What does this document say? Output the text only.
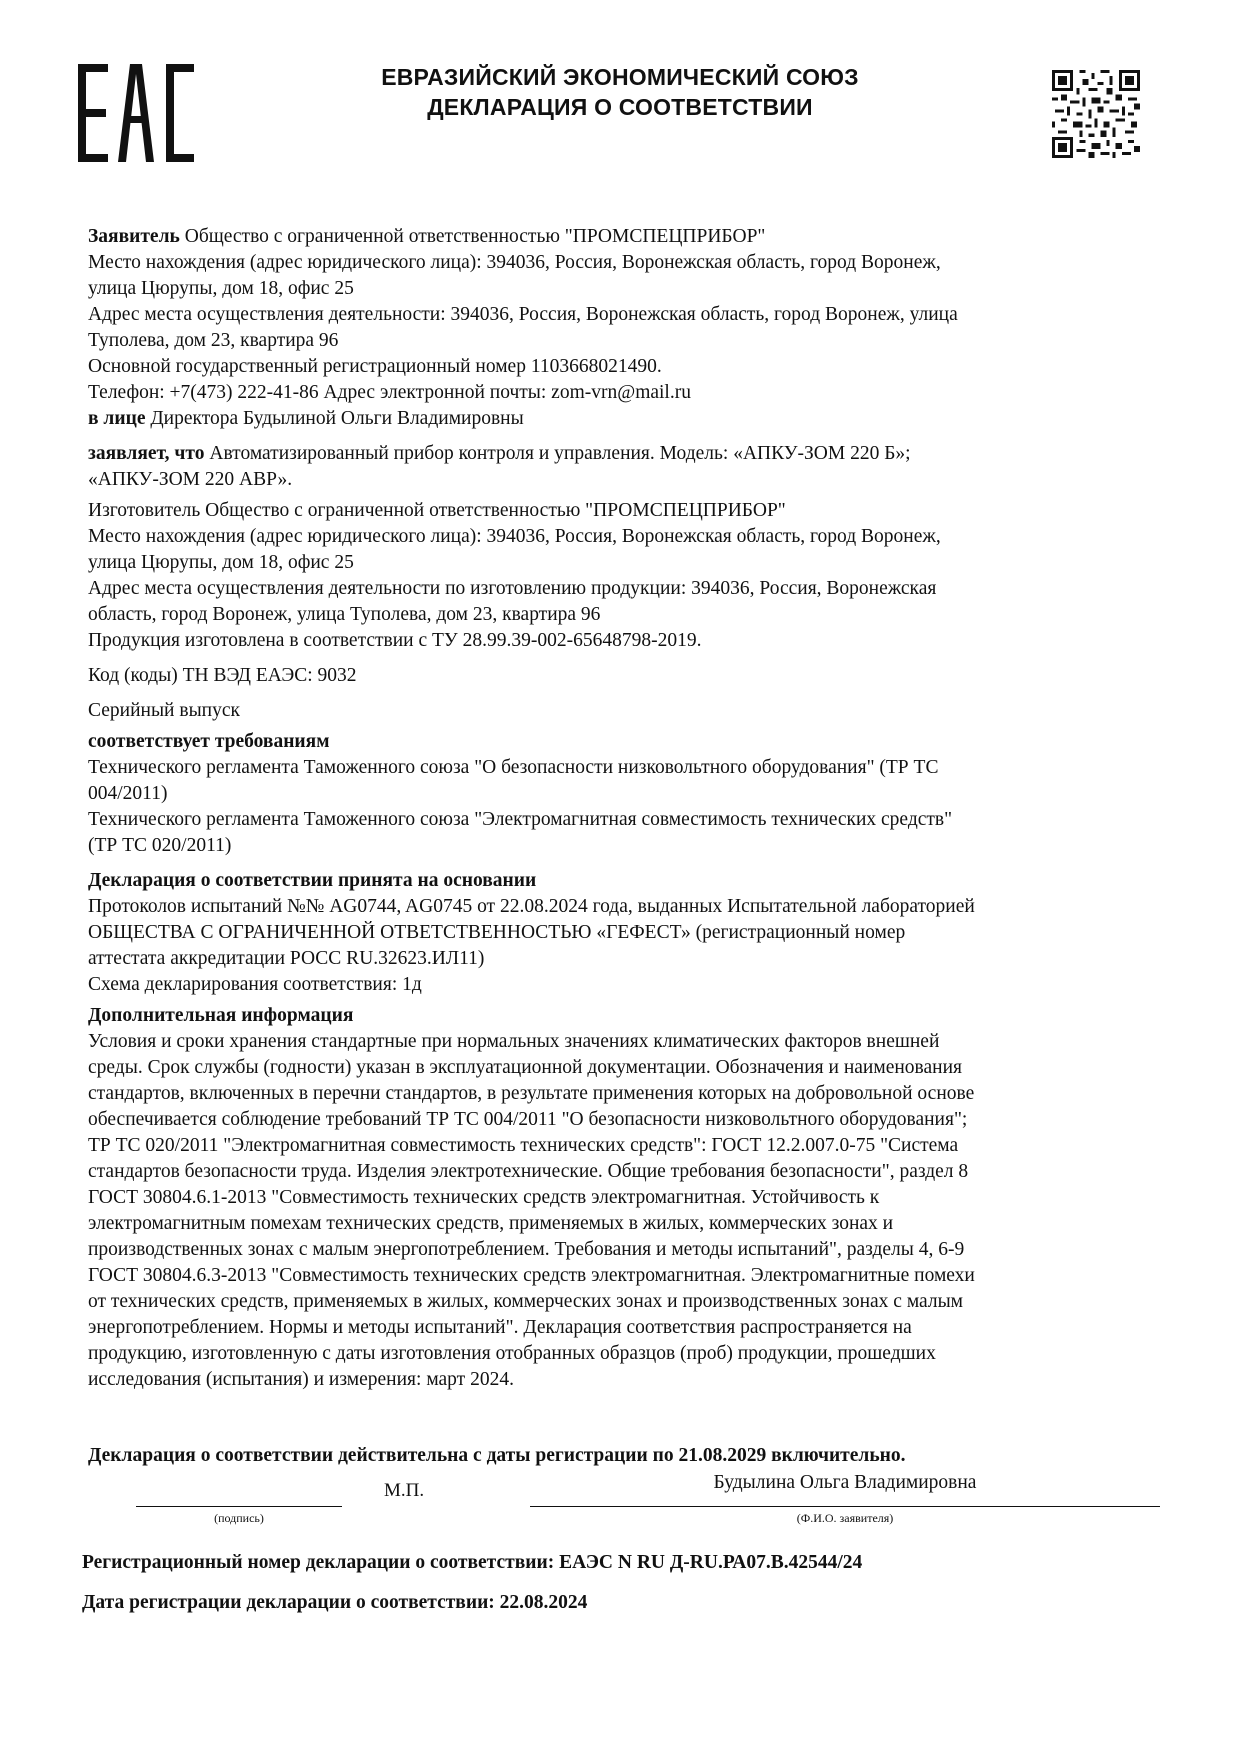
ЕВРАЗИЙСКИЙ ЭКОНОМИЧЕСКИЙ СОЮЗ
ДЕКЛАРАЦИЯ О СООТВЕТСТВИИ

Заявитель Общество с ограниченной ответственностью "ПРОМСПЕЦПРИБОР"

Место нахождения (адрес юридического лица): 394036, Россия, Воронежская область, город Воронеж,

улица Цюрупы, дом 18, офис 25

Адрес места осуществления деятельности: 394036, Россия, Воронежская область, город Воронеж, улица

Туполева, дом 23, квартира 96

Основной государственный регистрационный номер 1103668021490.

Телефон: +7(473) 222-41-86 Адрес электронной почты: zom-vrn@mail.ru

в лице Директора Будылиной Ольги Владимировны

заявляет, что Автоматизированный прибор контроля и управления. Модель: «АПКУ-ЗОМ 220 Б»;

«АПКУ-ЗОМ 220 АВР».

Изготовитель Общество с ограниченной ответственностью "ПРОМСПЕЦПРИБОР"

Место нахождения (адрес юридического лица): 394036, Россия, Воронежская область, город Воронеж,

улица Цюрупы, дом 18, офис 25

Адрес места осуществления деятельности по изготовлению продукции: 394036, Россия, Воронежская

область, город Воронеж, улица Туполева, дом 23, квартира 96

Продукция изготовлена в соответствии с ТУ 28.99.39-002-65648798-2019.

Код (коды) ТН ВЭД ЕАЭС: 9032

Серийный выпуск

соответствует требованиям

Технического регламента Таможенного союза "О безопасности низковольтного оборудования" (ТР ТС

004/2011)

Технического регламента Таможенного союза "Электромагнитная совместимость технических средств"

(ТР ТС 020/2011)

Декларация о соответствии принята на основании

Протоколов испытаний №№ AG0744, AG0745 от 22.08.2024 года, выданных Испытательной лабораторией

ОБЩЕСТВА С ОГРАНИЧЕННОЙ ОТВЕТСТВЕННОСТЬЮ «ГЕФЕСТ» (регистрационный номер

аттестата аккредитации РОСС RU.32623.ИЛ11)

Схема декларирования соответствия: 1д

Дополнительная информация

Условия и сроки хранения стандартные при нормальных значениях климатических факторов внешней

среды. Срок службы (годности) указан в эксплуатационной документации. Обозначения и наименования

стандартов, включенных в перечни стандартов, в результате применения которых на добровольной основе

обеспечивается соблюдение требований ТР ТС 004/2011 "О безопасности низковольтного оборудования";

ТР ТС 020/2011 "Электромагнитная совместимость технических средств": ГОСТ 12.2.007.0-75 "Система

стандартов безопасности труда. Изделия электротехнические. Общие требования безопасности", раздел 8

ГОСТ 30804.6.1-2013 "Совместимость технических средств электромагнитная. Устойчивость к

электромагнитным помехам технических средств, применяемых в жилых, коммерческих зонах и

производственных зонах с малым энергопотреблением. Требования и методы испытаний", разделы 4, 6-9

ГОСТ 30804.6.3-2013 "Совместимость технических средств электромагнитная. Электромагнитные помехи

от технических средств, применяемых в жилых, коммерческих зонах и производственных зонах с малым

энергопотреблением. Нормы и методы испытаний". Декларация соответствия распространяется на

продукцию, изготовленную с даты изготовления отобранных образцов (проб) продукции, прошедших

исследования (испытания) и измерения: март 2024.

Декларация о соответствии действительна с даты регистрации по 21.08.2029 включительно.
М.П.	Будылина Ольга Владимировна
(подпись)	(Ф.И.О. заявителя)
Регистрационный номер декларации о соответствии: ЕАЭС N RU Д-RU.РА07.В.42544/24
Дата регистрации декларации о соответствии: 22.08.2024
